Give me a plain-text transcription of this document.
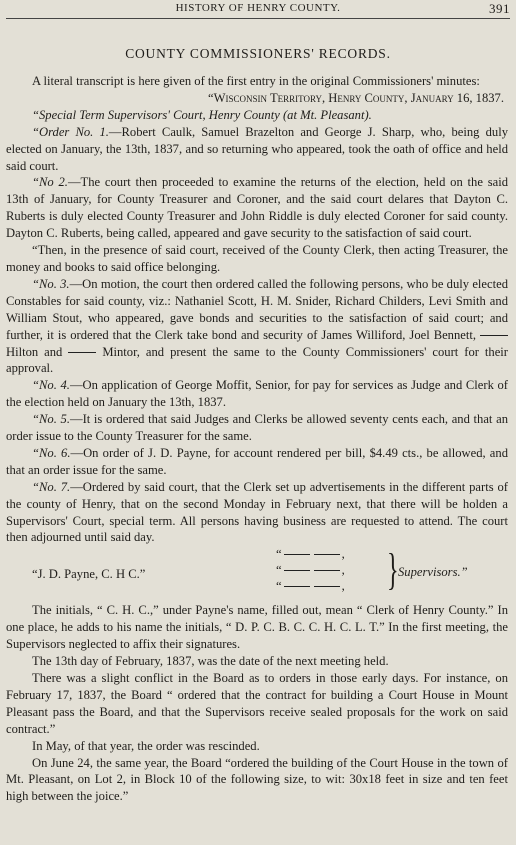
HISTORY OF HENRY COUNTY.	391
COUNTY COMMISSIONERS' RECORDS.

A literal transcript is here given of the first entry in the original Commissioners' minutes:

“Wisconsin Territory, Henry County, January 16, 1837.

“Special Term Supervisors' Court, Henry County (at Mt. Pleasant).

“Order No. 1.—Robert Caulk, Samuel Brazelton and George J. Sharp, who, being duly elected on January, the 13th, 1837, and so returning who appeared, took the oath of office and held said court.

“No 2.—The court then proceeded to examine the returns of the election, held on the said 13th of January, for County Treasurer and Coroner, and the said court delares that Dayton C. Ruberts is duly elected County Treasurer and John Riddle is duly elected Coroner for said county. Dayton C. Ruberts, being called, appeared and gave security to the satisfaction of said court.

“Then, in the presence of said court, received of the County Clerk, then acting Treasurer, the money and books to said office belonging.

“No. 3.—On motion, the court then ordered called the following persons, who be duly elected Constables for said county, viz.: Nathaniel Scott, H. M. Snider, Richard Childers, Levi Smith and William Stout, who appeared, gave bonds and securities to the satisfaction of said court; and further, it is ordered that the Clerk take bond and security of James Williford, Joel Bennett,  Hilton and	Mintor, and present the same to the County Commissioners' court for their approval.

“No. 4.—On application of George Moffit, Senior, for pay for services as Judge and Clerk of the election held on January the 13th, 1837.

“No. 5.—It is ordered that said Judges and Clerks be allowed seventy cents each, and that an order issue to the County Treasurer for the same.

“No. 6.—On order of J. D. Payne, for account rendered per bill, $4.49 cts., be allowed, and that an order issue for the same.

“No. 7.—Ordered by said court, that the Clerk set up advertisements in the different parts of the county of Henry, that on the second Monday in February next, that there will be holden a Supervisors' Court, special term. All persons having business are requested to attend. The court then adjourned until said day.

“J. D. Payne, C. H C.”
“	,
“	,
“	, } Supervisors.”

The initials, “ C. H. C.,” under Payne's name, filled out, mean “ Clerk of Henry County.” In one place, he adds to his name the initials, “ D. P. C. B. C. C. H. C. L. T.” In the first meeting, the Supervisors neglected to affix their signatures.

The 13th day of February, 1837, was the date of the next meeting held.

There was a slight conflict in the Board as to orders in those early days. For instance, on February 17, 1837, the Board “ ordered that the contract for building a Court House in Mount Pleasant pass the Board, and that the Supervisors receive sealed proposals for the work on said contract.”

In May, of that year, the order was rescinded.

On June 24, the same year, the Board “ordered the building of the Court House in the town of Mt. Pleasant, on Lot 2, in Block 10 of the following size, to wit: 30x18 feet in size and ten feet high between the joice.”
